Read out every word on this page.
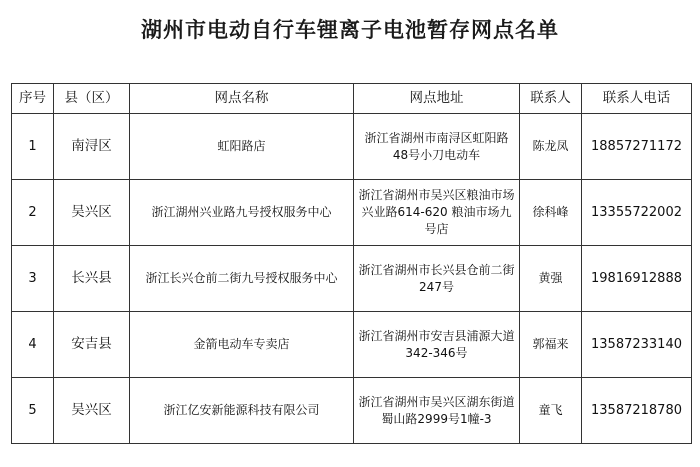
湖州市电动自行车锂离子电池暂存网点名单
序号	县（区）	网点名称	网点地址	联系人	联系人电话
1	南浔区	虹阳路店	浙江省湖州市南浔区虹阳路48号小刀电动车	陈龙凤	18857271172
2	吴兴区	浙江湖州兴业路九号授权服务中心	浙江省湖州市吴兴区粮油市场兴业路614-620 粮油市场九号店	徐科峰	13355722002
3	长兴县	浙江长兴仓前二街九号授权服务中心	浙江省湖州市长兴县仓前二街247号	黄强	19816912888
4	安吉县	金箭电动车专卖店	浙江省湖州市安吉县浦源大道342-346号	郭福来	13587233140
5	吴兴区	浙江亿安新能源科技有限公司	浙江省湖州市吴兴区湖东街道蜀山路2999号1幢-3	童飞	13587218780
